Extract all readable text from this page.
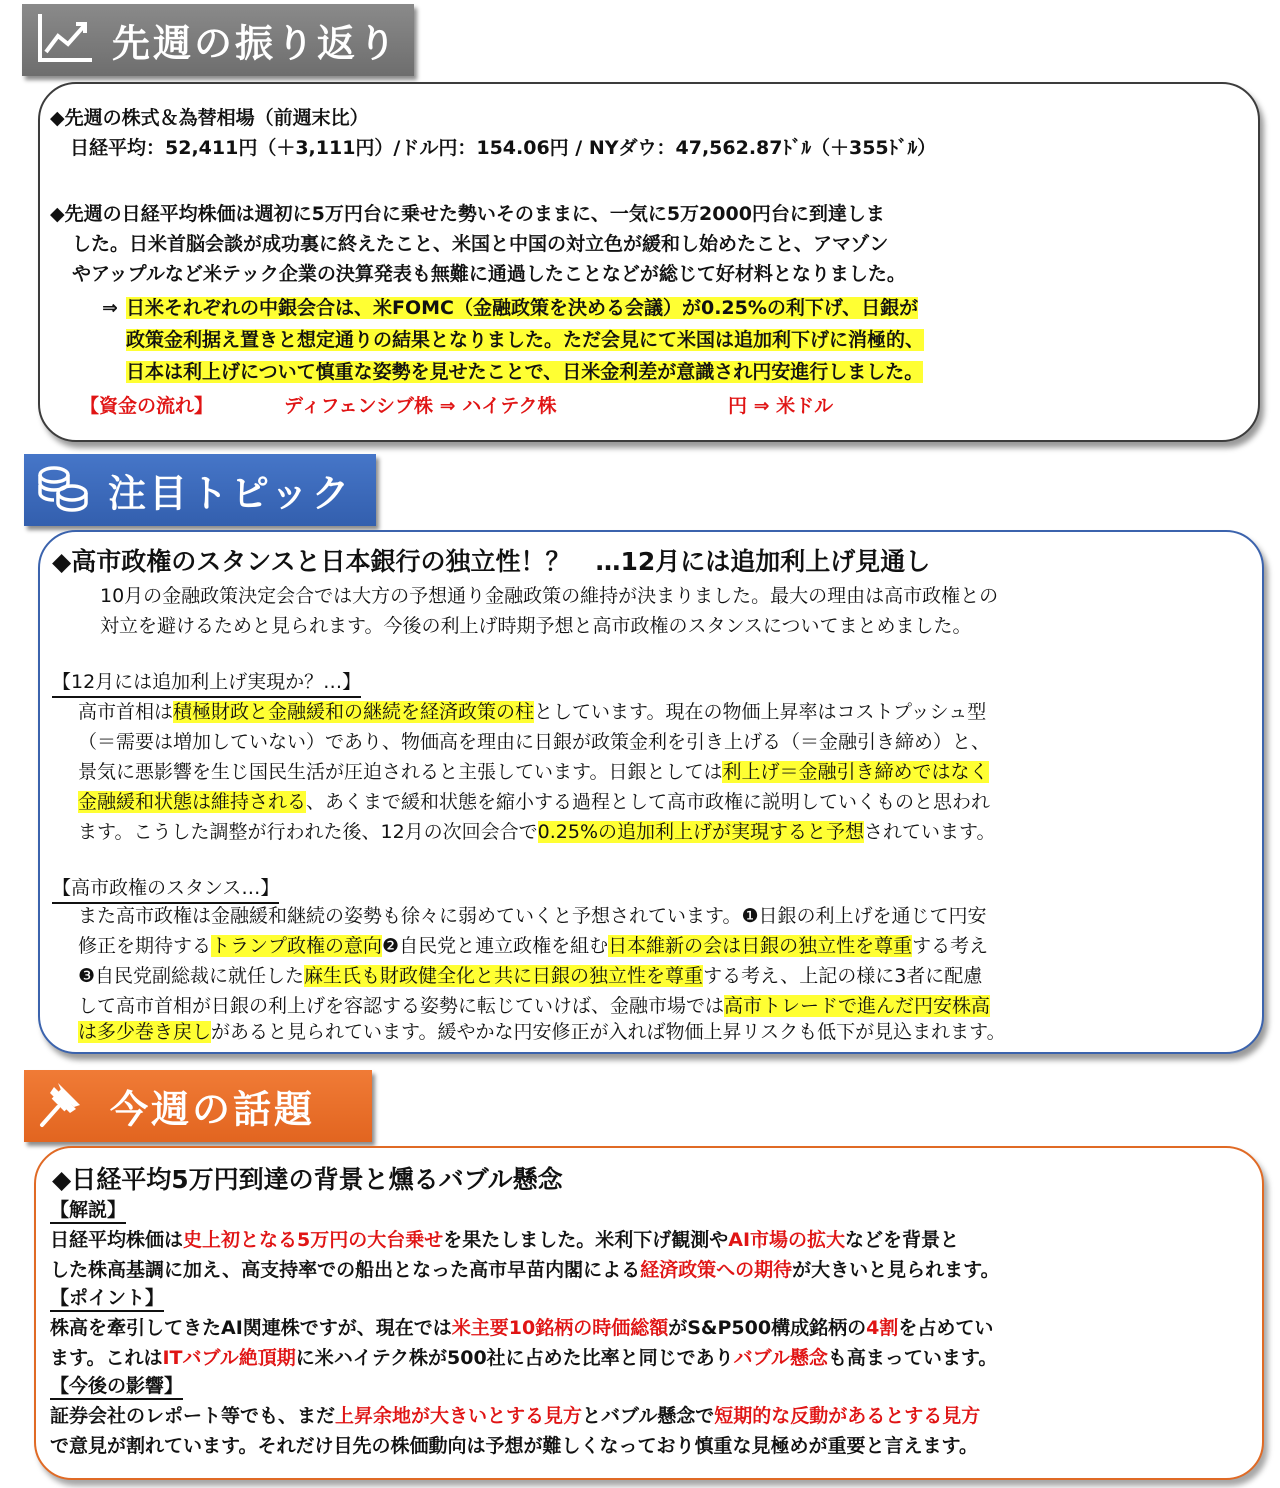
先週の振り返り
◆先週の株式＆為替相場（前週末比）
日経平均：52,411円（＋3,111円）/ドル円：154.06円 / NYダウ：47,562.87ﾄﾞﾙ（＋355ﾄﾞﾙ）
◆先週の日経平均株価は週初に5万円台に乗せた勢いそのままに、一気に5万2000円台に到達しま
した。日米首脳会談が成功裏に終えたこと、米国と中国の対立色が緩和し始めたこと、アマゾン
やアップルなど米テック企業の決算発表も無難に通過したことなどが総じて好材料となりました。
⇒ 日米それぞれの中銀会合は、米FOMC（金融政策を決める会議）が0.25%の利下げ、日銀が
政策金利据え置きと想定通りの結果となりました。ただ会見にて米国は追加利下げに消極的、
日本は利上げについて慎重な姿勢を見せたことで、日米金利差が意識され円安進行しました。
【資金の流れ】	ディフェンシブ株 ⇒ ハイテク株	円 ⇒ 米ドル
注目トピック
◆高市政権のスタンスと日本銀行の独立性！？　…12月には追加利上げ見通し
10月の金融政策決定会合では大方の予想通り金融政策の維持が決まりました。最大の理由は高市政権との
対立を避けるためと見られます。今後の利上げ時期予想と高市政権のスタンスについてまとめました。
【12月には追加利上げ実現か？…】
高市首相は積極財政と金融緩和の継続を経済政策の柱としています。現在の物価上昇率はコストプッシュ型
（＝需要は増加していない）であり、物価高を理由に日銀が政策金利を引き上げる（＝金融引き締め）と、
景気に悪影響を生じ国民生活が圧迫されると主張しています。日銀としては利上げ＝金融引き締めではなく
金融緩和状態は維持される、あくまで緩和状態を縮小する過程として高市政権に説明していくものと思われ
ます。こうした調整が行われた後、12月の次回会合で0.25%の追加利上げが実現すると予想されています。
【高市政権のスタンス…】
また高市政権は金融緩和継続の姿勢も徐々に弱めていくと予想されています。❶日銀の利上げを通じて円安
修正を期待するトランプ政権の意向❷自民党と連立政権を組む日本維新の会は日銀の独立性を尊重する考え
❸自民党副総裁に就任した麻生氏も財政健全化と共に日銀の独立性を尊重する考え、上記の様に3者に配慮
して高市首相が日銀の利上げを容認する姿勢に転じていけば、金融市場では高市トレードで進んだ円安株高
は多少巻き戻しがあると見られています。緩やかな円安修正が入れば物価上昇リスクも低下が見込まれます。
今週の話題
◆日経平均5万円到達の背景と燻るバブル懸念
【解説】
日経平均株価は史上初となる5万円の大台乗せを果たしました。米利下げ観測やAI市場の拡大などを背景と
した株高基調に加え、高支持率での船出となった高市早苗内閣による経済政策への期待が大きいと見られます。
【ポイント】
株高を牽引してきたAI関連株ですが、現在では米主要10銘柄の時価総額がS&P500構成銘柄の4割を占めてい
ます。これはITバブル絶頂期に米ハイテク株が500社に占めた比率と同じでありバブル懸念も高まっています。
【今後の影響】
証券会社のレポート等でも、まだ上昇余地が大きいとする見方とバブル懸念で短期的な反動があるとする見方
で意見が割れています。それだけ目先の株価動向は予想が難しくなっており慎重な見極めが重要と言えます。
